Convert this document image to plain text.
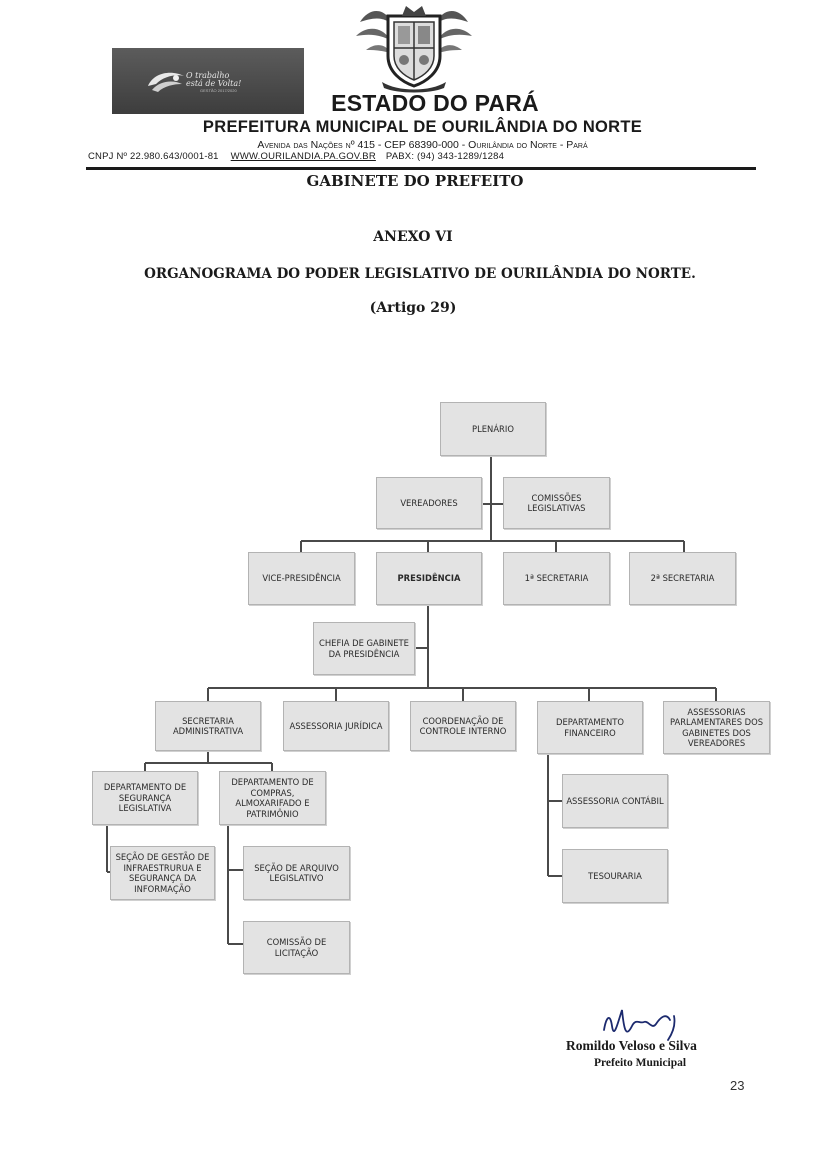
O trabalho
está de Volta!
GESTÃO 2017/2020	ESTADO DO PARÁ
PREFEITURA MUNICIPAL DE OURILÂNDIA DO NORTE
Avenida das Nações nº 415 - CEP 68390-000 - Ourilândia do Norte - Pará
CNPJ Nº 22.980.643/0001-81 WWW.OURILANDIA.PA.GOV.BR PABX: (94) 343-1289/1284
GABINETE DO PREFEITO
ANEXO VI
ORGANOGRAMA DO PODER LEGISLATIVO DE OURILÂNDIA DO NORTE.
(Artigo 29)
PLENÁRIO
VEREADORES
COMISSÕES LEGISLATIVAS
VICE-PRESIDÊNCIA	PRESIDÊNCIA	1ª SECRETARIA	2ª SECRETARIA
CHEFIA DE GABINETE DA PRESIDÊNCIA
SECRETARIA ADMINISTRATIVA
ASSESSORIA JURÍDICA
COORDENAÇÃO DE CONTROLE INTERNO
DEPARTAMENTO FINANCEIRO
ASSESSORIAS PARLAMENTARES DOS GABINETES DOS VEREADORES
DEPARTAMENTO DE SEGURANÇA LEGISLATIVA
DEPARTAMENTO DE COMPRAS, ALMOXARIFADO E PATRIMÔNIO
SEÇÃO DE GESTÃO DE INFRAESTRURUA E SEGURANÇA DA INFORMAÇÃO
SEÇÃO DE ARQUIVO LEGISLATIVO
COMISSÃO DE LICITAÇÃO
ASSESSORIA CONTÁBIL
TESOURARIA
Romildo Veloso e Silva
Prefeito Municipal
23
